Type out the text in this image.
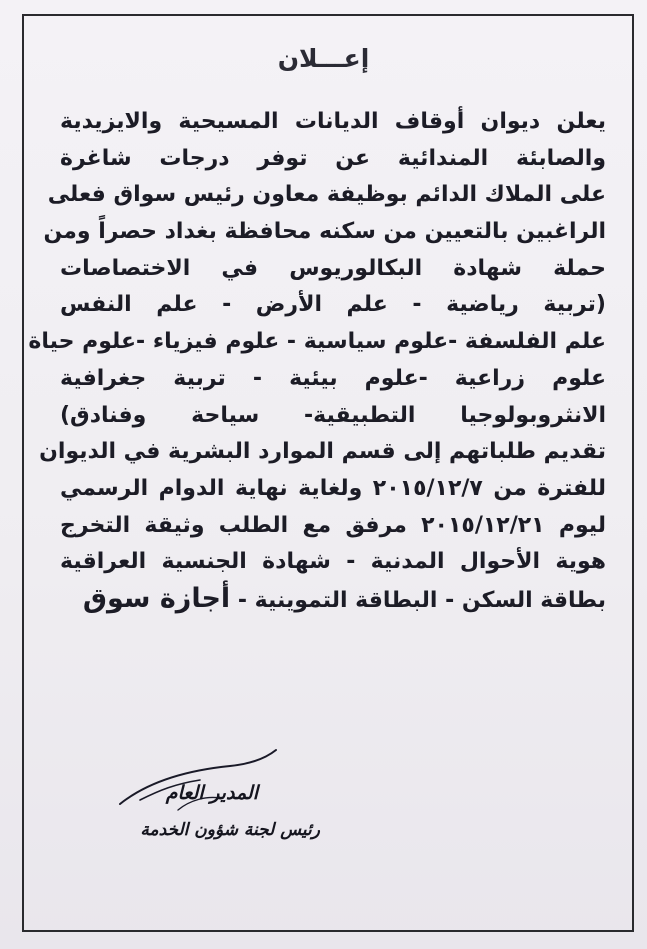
إعـــلان
يعلن ديوان أوقاف الديانات المسيحية والايزيدية
والصابئة المندائية عن توفر درجات شاغرة
على الملاك الدائم بوظيفة معاون رئيس سواق فعلى
الراغبين بالتعيين من سكنه محافظة بغداد حصراً ومن
حملة شهادة البكالوريوس في الاختصاصات
(تربية رياضية - علم الأرض - علم النفس
علم الفلسفة -علوم سياسية - علوم فيزياء -علوم حياة
علوم زراعية -علوم بيئية - تربية جغرافية
الانثروبولوجيا التطبيقية- سياحة وفنادق)
تقديم طلباتهم إلى قسم الموارد البشرية في الديوان
للفترة من ٢٠١٥/١٢/٧ ولغاية نهاية الدوام الرسمي
ليوم ٢٠١٥/١٢/٢١ مرفق مع الطلب وثيقة التخرج
هوية الأحوال المدنية - شهادة الجنسية العراقية
بطاقة السكن - البطاقة التموينية - أجازة سوق
المدير العام
رئيس لجنة شؤون الخدمة
